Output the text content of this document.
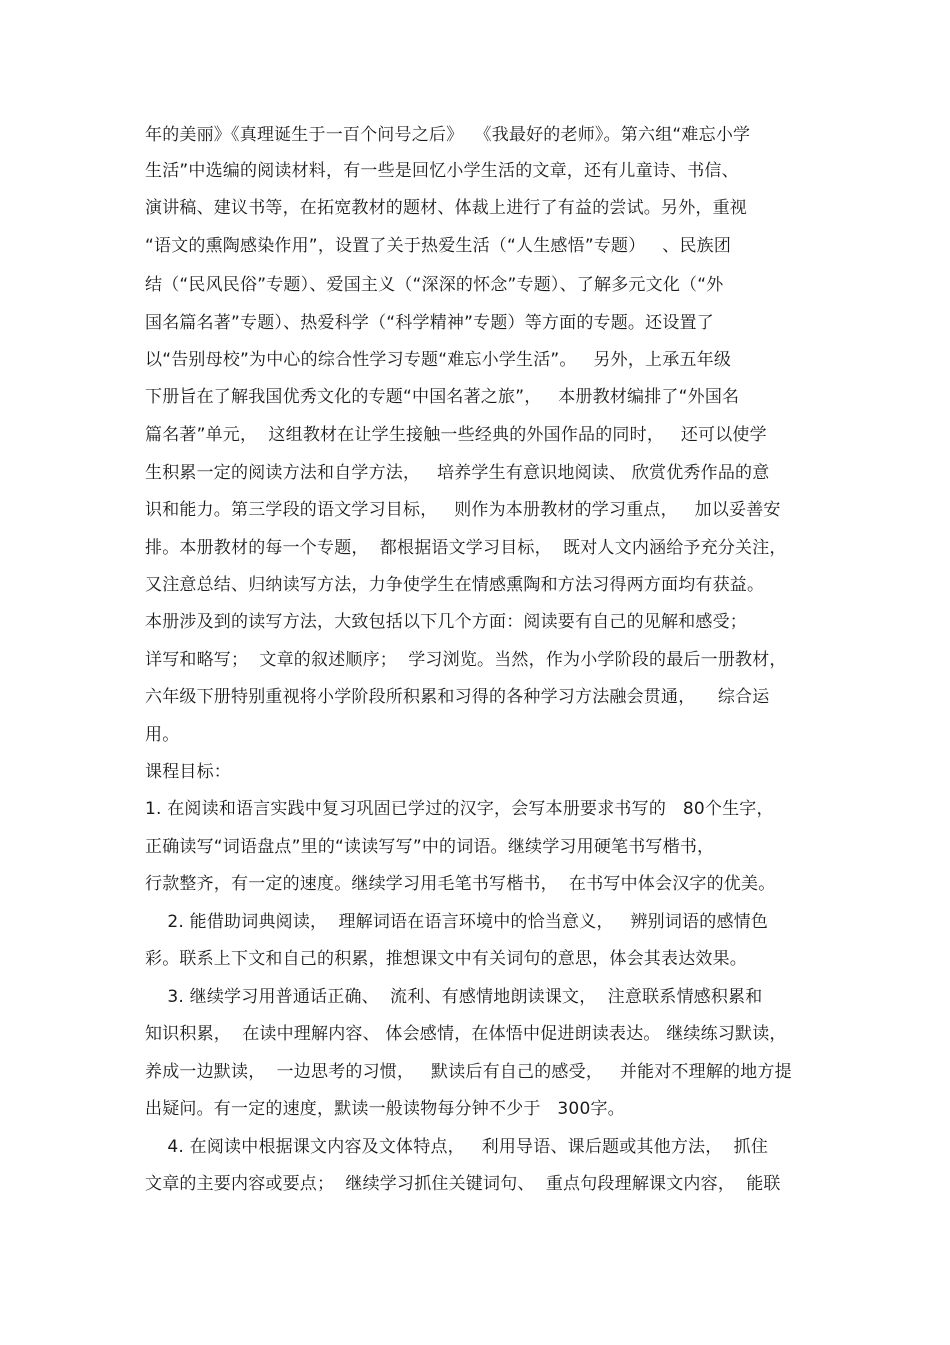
年的美丽》《真理诞生于一百个问号之后》  《我最好的老师》。第六组“难忘小学
生活”中选编的阅读材料，有一些是回忆小学生活的文章，还有儿童诗、书信、
演讲稿、建议书等，在拓宽教材的题材、体裁上进行了有益的尝试。另外，重视
“语文的熏陶感染作用”，设置了关于热爱生活（“人生感悟”专题）   、民族团
结（“民风民俗”专题）、爱国主义（“深深的怀念”专题）、了解多元文化（“外
国名篇名著”专题）、热爱科学（“科学精神”专题）等方面的专题。还设置了
以“告别母校”为中心的综合性学习专题“难忘小学生活”。   另外，上承五年级
下册旨在了解我国优秀文化的专题“中国名著之旅”，   本册教材编排了“外国名
篇名著”单元，  这组教材在让学生接触一些经典的外国作品的同时，   还可以使学
生积累一定的阅读方法和自学方法，   培养学生有意识地阅读、 欣赏优秀作品的意
识和能力。第三学段的语文学习目标，   则作为本册教材的学习重点，   加以妥善安
排。本册教材的每一个专题，  都根据语文学习目标，  既对人文内涵给予充分关注，
又注意总结、归纳读写方法，力争使学生在情感熏陶和方法习得两方面均有获益。
本册涉及到的读写方法，大致包括以下几个方面：阅读要有自己的见解和感受；
详写和略写；  文章的叙述顺序；  学习浏览。当然，作为小学阶段的最后一册教材，
六年级下册特别重视将小学阶段所积累和习得的各种学习方法融会贯通，    综合运
用。
课程目标：
1. 在阅读和语言实践中复习巩固已学过的汉字，会写本册要求书写的   80个生字，
正确读写“词语盘点”里的“读读写写”中的词语。继续学习用硬笔书写楷书，
行款整齐，有一定的速度。继续学习用毛笔书写楷书，  在书写中体会汉字的优美。
2. 能借助词典阅读，  理解词语在语言环境中的恰当意义，   辨别词语的感情色
彩。联系上下文和自己的积累，推想课文中有关词句的意思，体会其表达效果。
3. 继续学习用普通话正确、  流利、有感情地朗读课文，  注意联系情感积累和
知识积累，  在读中理解内容、 体会感情，在体悟中促进朗读表达。 继续练习默读，
养成一边默读，  一边思考的习惯，   默读后有自己的感受，   并能对不理解的地方提
出疑问。有一定的速度，默读一般读物每分钟不少于   300字。
4. 在阅读中根据课文内容及文体特点，   利用导语、课后题或其他方法，  抓住
文章的主要内容或要点；  继续学习抓住关键词句、  重点句段理解课文内容，  能联
